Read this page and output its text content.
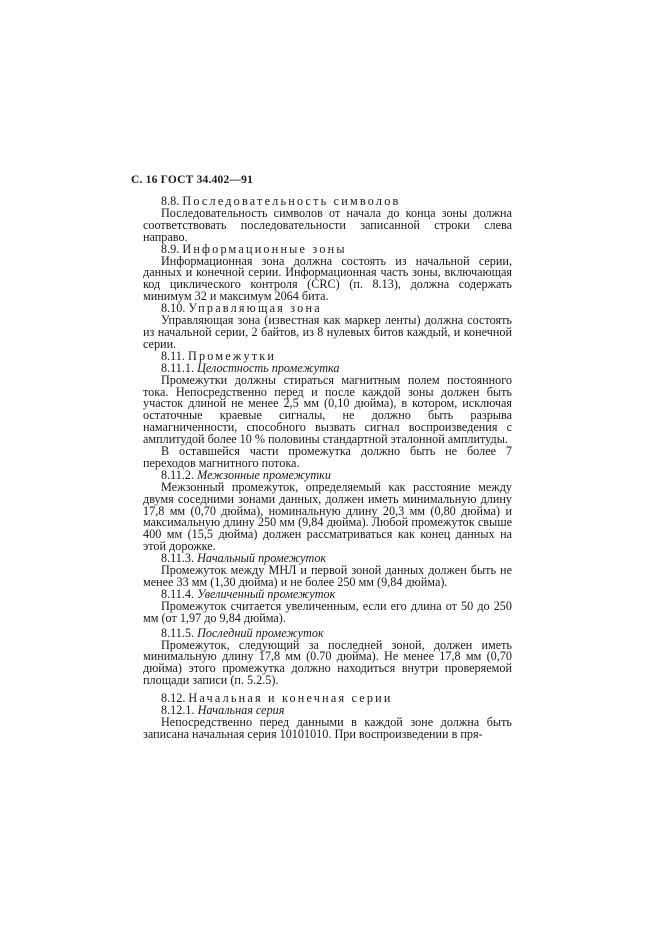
С. 16 ГОСТ 34.402—91

8.8. Последовательность символов

Последовательность символов от начала до конца зоны должна соответствовать последовательности записанной строки слева направо.

8.9. Информационные зоны

Информационная зона должна состоять из начальной серии, данных и конечной серии. Информационная часть зоны, включающая код циклического контроля (CRC) (п. 8.13), должна содержать минимум 32 и максимум 2064 бита.

8.10. Управляющая зона

Управляющая зона (известная как маркер ленты) должна состоять из начальной серии, 2 байтов, из 8 нулевых битов каждый, и конечной серии.

8.11. Промежутки

8.11.1. Целостность промежутка

Промежутки должны стираться магнитным полем постоянного тока. Непосредственно перед и после каждой зоны должен быть участок длиной не менее 2,5 мм (0,10 дюйма), в котором, исключая остаточные краевые сигналы, не должно быть разрыва намагниченности, способного вызвать сигнал воспроизведения с амплитудой более 10 % половины стандартной эталонной амплитуды.

В оставшейся части промежутка должно быть не более 7 переходов магнитного потока.

8.11.2. Межзонные промежутки

Межзонный промежуток, определяемый как расстояние между двумя соседними зонами данных, должен иметь минимальную длину 17,8 мм (0,70 дюйма), номинальную длину 20,3 мм (0,80 дюйма) и максимальную длину 250 мм (9,84 дюйма). Любой промежуток свыше 400 мм (15,5 дюйма) должен рассматриваться как конец данных на этой дорожке.

8.11.3. Начальный промежуток

Промежуток между МНЛ и первой зоной данных должен быть не менее 33 мм (1,30 дюйма) и не более 250 мм (9,84 дюйма).

8.11.4. Увеличенный промежуток

Промежуток считается увеличенным, если его длина от 50 до 250 мм (от 1,97 до 9,84 дюйма).

8.11.5. Последний промежуток

Промежуток, следующий за последней зоной, должен иметь минимальную длину 17,8 мм (0.70 дюйма). Не менее 17,8 мм (0,70 дюйма) этого промежутка должно находиться внутри проверяемой площади записи (п. 5.2.5).

8.12. Начальная и конечная серии

8.12.1. Начальная серия

Непосредственно перед данными в каждой зоне должна быть записана начальная серия 10101010. При воспроизведении в пря-
